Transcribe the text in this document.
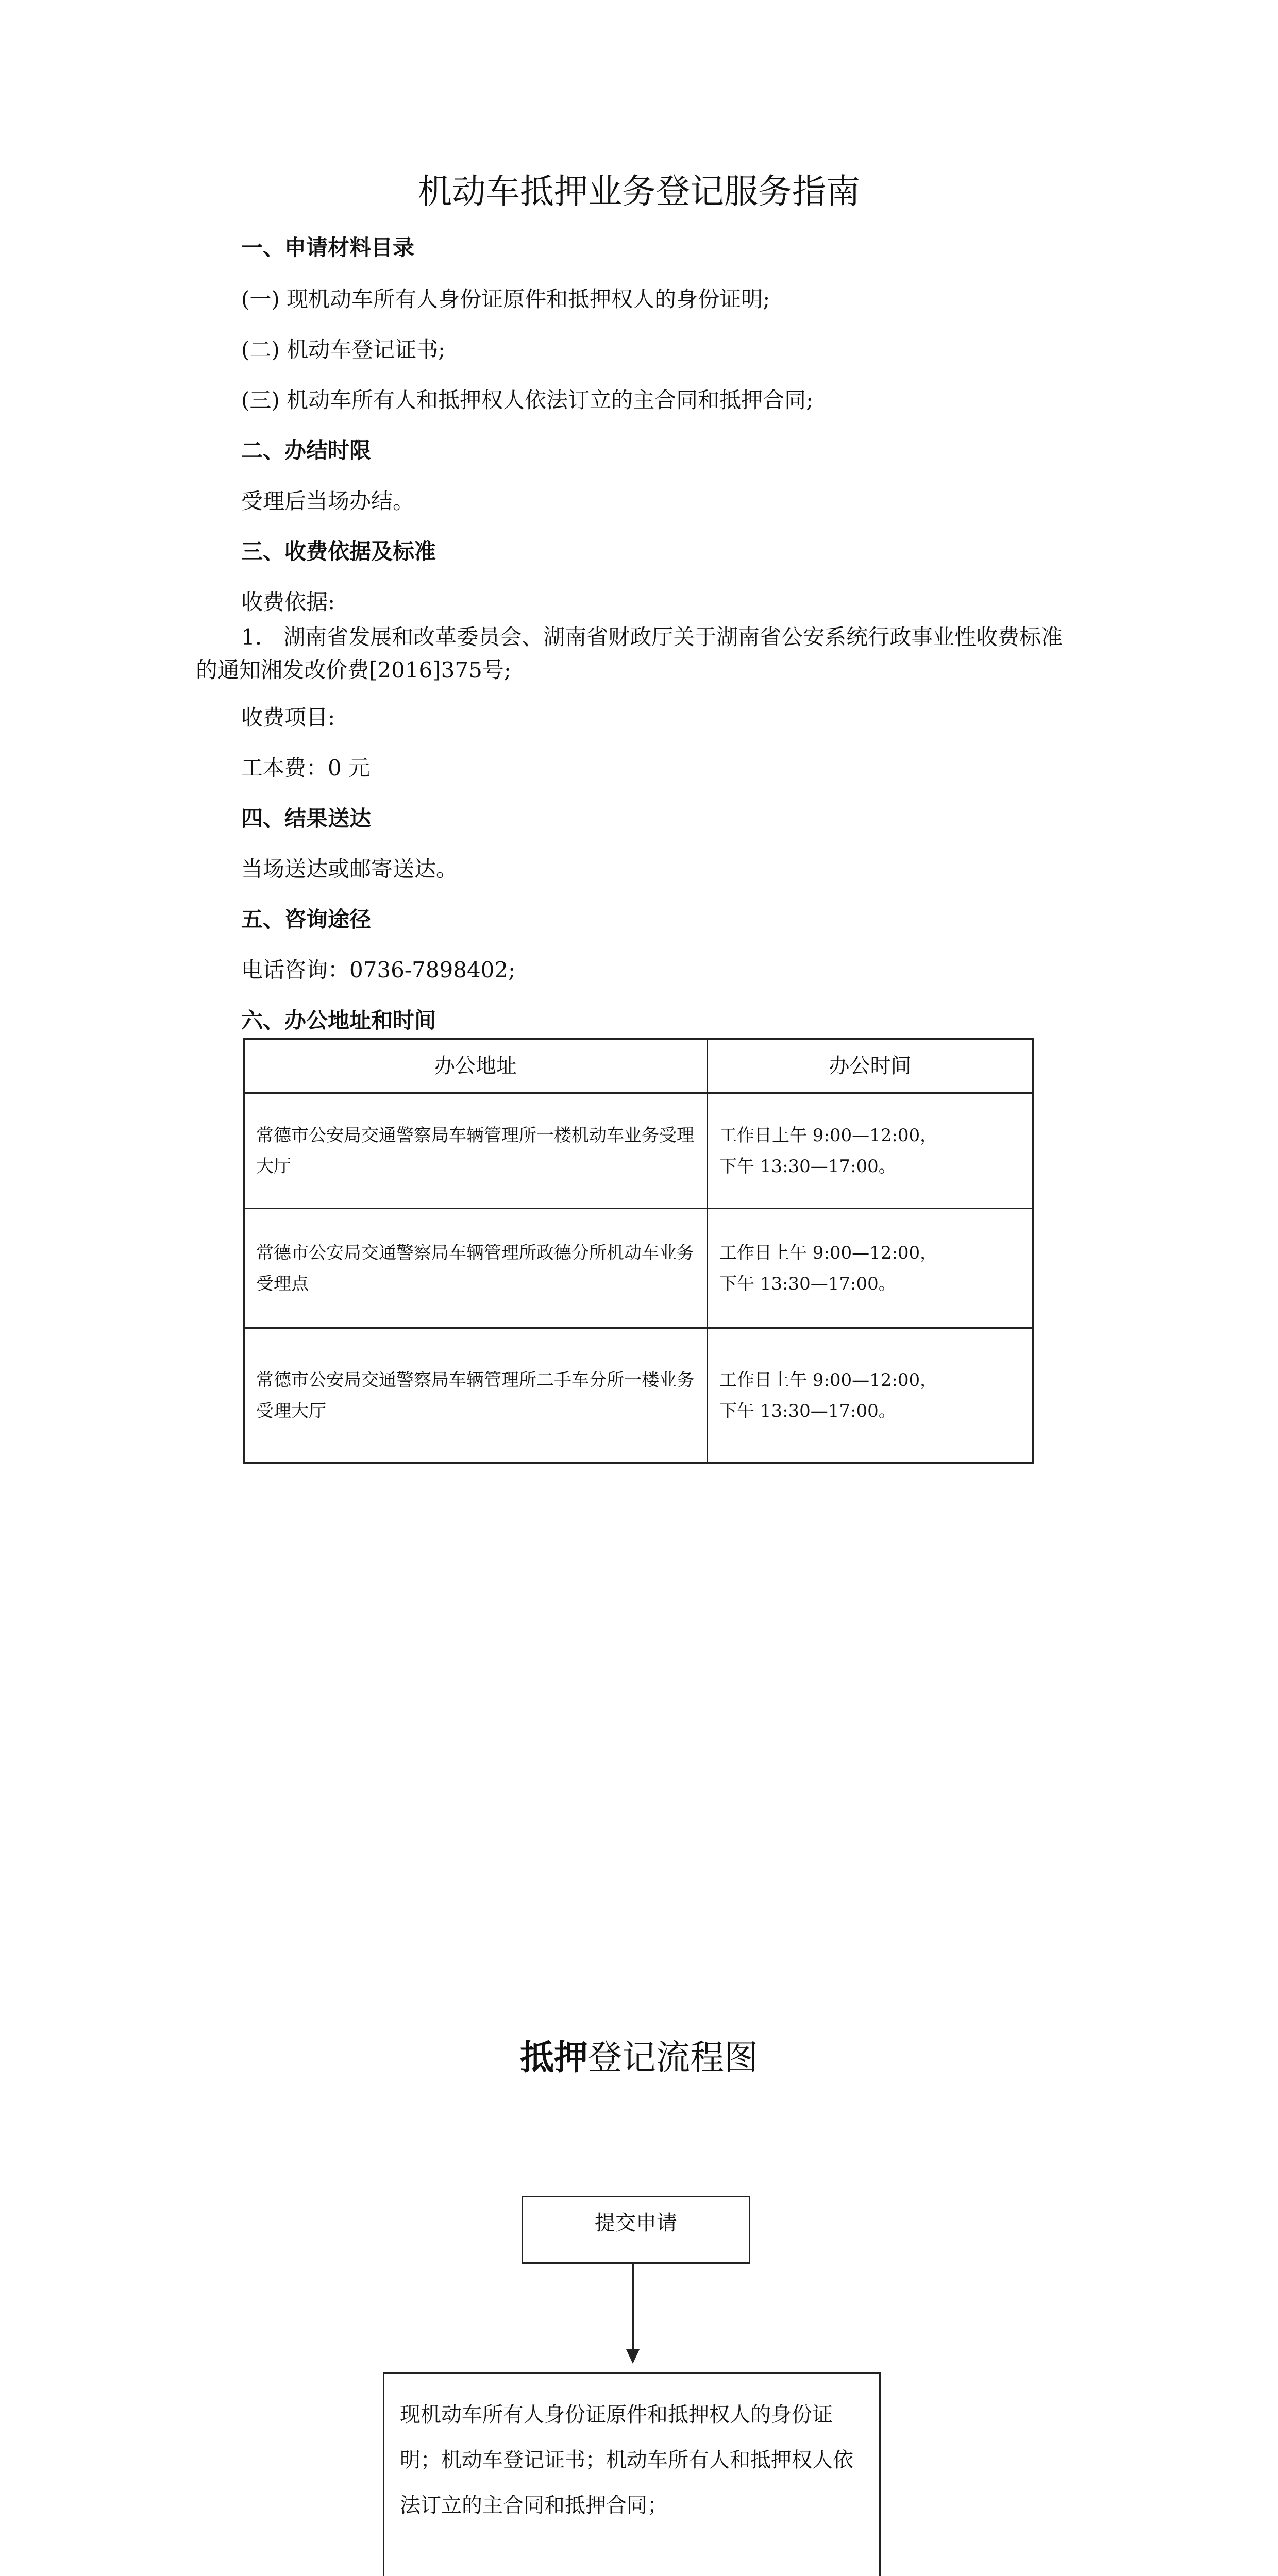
机动车抵押业务登记服务指南
一、申请材料目录
(一) 现机动车所有人身份证原件和抵押权人的身份证明;
(二) 机动车登记证书;
(三) 机动车所有人和抵押权人依法订立的主合同和抵押合同;
二、办结时限
受理后当场办结。
三、收费依据及标准
收费依据:
1.　湖南省发展和改革委员会、湖南省财政厅关于湖南省公安系统行政事业性收费标准的通知湘发改价费[2016]375号;
收费项目:
工本费：0 元
四、结果送达
当场送达或邮寄送达。
五、咨询途径
电话咨询：0736-7898402;
六、办公地址和时间
办公地址	办公时间
常德市公安局交通警察局车辆管理所一楼机动车业务受理大厅	工作日上午 9:00—12:00，
下午 13:30—17:00。
常德市公安局交通警察局车辆管理所政德分所机动车业务受理点	工作日上午 9:00—12:00，
下午 13:30—17:00。
常德市公安局交通警察局车辆管理所二手车分所一楼业务受理大厅	工作日上午 9:00—12:00，
下午 13:30—17:00。
抵押登记流程图
提交申请
现机动车所有人身份证原件和抵押权人的身份证明；机动车登记证书；机动车所有人和抵押权人依法订立的主合同和抵押合同；
